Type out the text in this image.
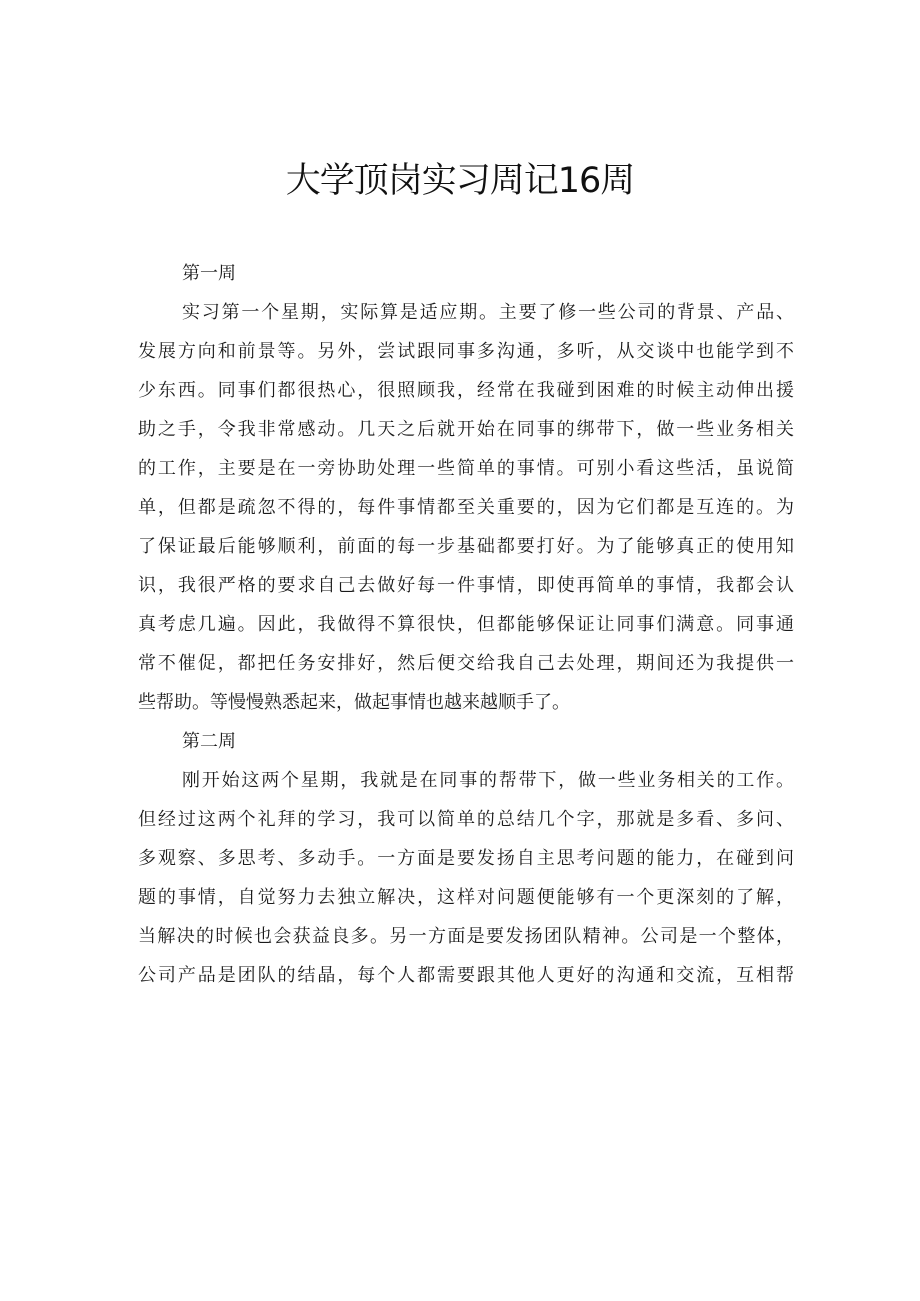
大学顶岗实习周记16周
第一周
实习第一个星期，实际算是适应期。主要了修一些公司的背景、产品、
发展方向和前景等。另外，尝试跟同事多沟通，多听，从交谈中也能学到不
少东西。同事们都很热心，很照顾我，经常在我碰到困难的时候主动伸出援
助之手，令我非常感动。几天之后就开始在同事的绑带下，做一些业务相关
的工作，主要是在一旁协助处理一些简单的事情。可别小看这些活，虽说简
单，但都是疏忽不得的，每件事情都至关重要的，因为它们都是互连的。为
了保证最后能够顺利，前面的每一步基础都要打好。为了能够真正的使用知
识，我很严格的要求自己去做好每一件事情，即使再简单的事情，我都会认
真考虑几遍。因此，我做得不算很快，但都能够保证让同事们满意。同事通
常不催促，都把任务安排好，然后便交给我自己去处理，期间还为我提供一
些帮助。等慢慢熟悉起来，做起事情也越来越顺手了。
第二周
刚开始这两个星期，我就是在同事的帮带下，做一些业务相关的工作。
但经过这两个礼拜的学习，我可以简单的总结几个字，那就是多看、多问、
多观察、多思考、多动手。一方面是要发扬自主思考问题的能力，在碰到问
题的事情，自觉努力去独立解决，这样对问题便能够有一个更深刻的了解，
当解决的时候也会获益良多。另一方面是要发扬团队精神。公司是一个整体，
公司产品是团队的结晶，每个人都需要跟其他人更好的沟通和交流，互相帮
